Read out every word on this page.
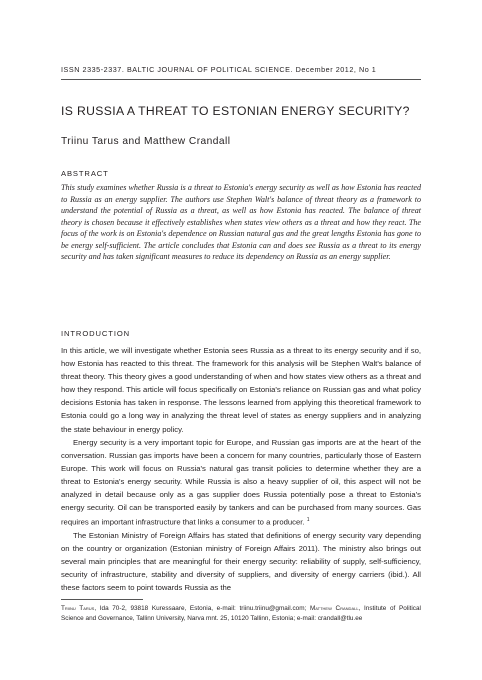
ISSN 2335-2337. BALTIC JOURNAL OF POLITICAL SCIENCE. December 2012, No 1
IS RUSSIA A THREAT TO ESTONIAN ENERGY SECURITY?
Triinu Tarus and Matthew Crandall
ABSTRACT

This study examines whether Russia is a threat to Estonia's energy security as well as how Estonia has reacted to Russia as an energy supplier. The authors use Stephen Walt's balance of threat theory as a framework to understand the potential of Russia as a threat, as well as how Estonia has reacted. The balance of threat theory is chosen because it effectively establishes when states view others as a threat and how they react. The focus of the work is on Estonia's dependence on Russian natural gas and the great lengths Estonia has gone to be energy self-sufficient. The article concludes that Estonia can and does see Russia as a threat to its energy security and has taken significant measures to reduce its dependency on Russia as an energy supplier.

INTRODUCTION

In this article, we will investigate whether Estonia sees Russia as a threat to its energy security and if so, how Estonia has reacted to this threat. The framework for this analysis will be Stephen Walt's balance of threat theory. This theory gives a good understanding of when and how states view others as a threat and how they respond. This article will focus specifically on Estonia's reliance on Russian gas and what policy decisions Estonia has taken in response. The lessons learned from applying this theoretical framework to Estonia could go a long way in analyzing the threat level of states as energy suppliers and in analyzing the state behaviour in energy policy.

Energy security is a very important topic for Europe, and Russian gas imports are at the heart of the conversation. Russian gas imports have been a concern for many countries, particularly those of Eastern Europe. This work will focus on Russia's natural gas transit policies to determine whether they are a threat to Estonia's energy security. While Russia is also a heavy supplier of oil, this aspect will not be analyzed in detail because only as a gas supplier does Russia potentially pose a threat to Estonia's energy security. Oil can be transported easily by tankers and can be purchased from many sources. Gas requires an important infrastructure that links a consumer to a producer. $^1$

The Estonian Ministry of Foreign Affairs has stated that definitions of energy security vary depending on the country or organization (Estonian ministry of Foreign Affairs 2011). The ministry also brings out several main principles that are meaningful for their energy security: reliability of supply, self-sufficiency, security of infrastructure, stability and diversity of suppliers, and diversity of energy carriers (ibid.). All these factors seem to point towards Russia as the

Triinu Tarus, Ida 70-2, 93818 Kuressaare, Estonia, e-mail: triinu.triinu@gmail.com; Matthew Crandall, Institute of Political Science and Governance, Tallinn University, Narva mnt. 25, 10120 Tallinn, Estonia; e-mail: crandall@tlu.ee
